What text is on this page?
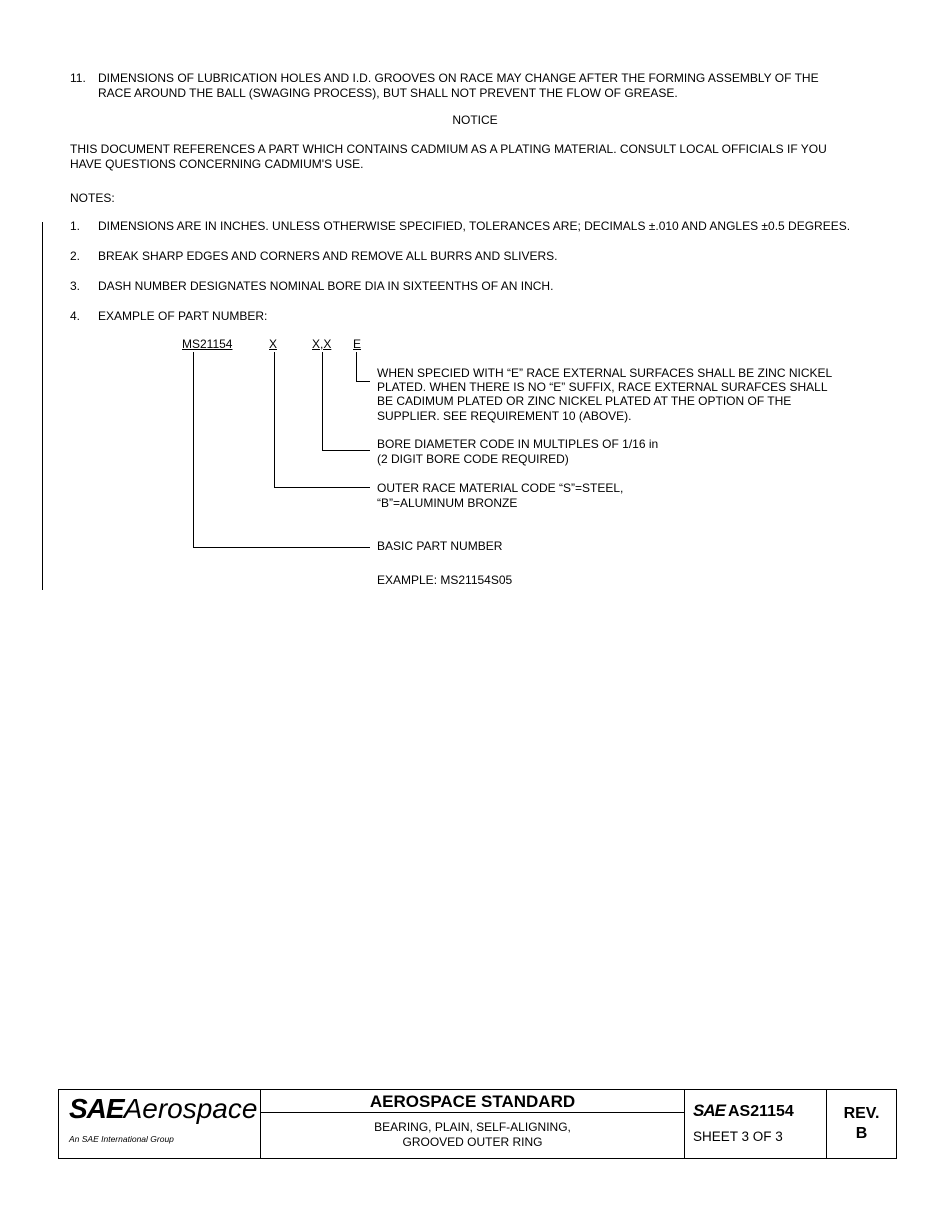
11. DIMENSIONS OF LUBRICATION HOLES AND I.D. GROOVES ON RACE MAY CHANGE AFTER THE FORMING ASSEMBLY OF THE
RACE AROUND THE BALL (SWAGING PROCESS), BUT SHALL NOT PREVENT THE FLOW OF GREASE.
NOTICE
THIS DOCUMENT REFERENCES A PART WHICH CONTAINS CADMIUM AS A PLATING MATERIAL. CONSULT LOCAL OFFICIALS IF YOU
HAVE QUESTIONS CONCERNING CADMIUM'S USE.
NOTES:
1. DIMENSIONS ARE IN INCHES. UNLESS OTHERWISE SPECIFIED, TOLERANCES ARE; DECIMALS ±.010 AND ANGLES ±0.5 DEGREES.
2. BREAK SHARP EDGES AND CORNERS AND REMOVE ALL BURRS AND SLIVERS.
3. DASH NUMBER DESIGNATES NOMINAL BORE DIA IN SIXTEENTHS OF AN INCH.
4. EXAMPLE OF PART NUMBER:
MS21154	X	X,X E
WHEN SPECIED WITH “E” RACE EXTERNAL SURFACES SHALL BE ZINC NICKEL
PLATED. WHEN THERE IS NO “E” SUFFIX, RACE EXTERNAL SURAFCES SHALL
BE CADIMUM PLATED OR ZINC NICKEL PLATED AT THE OPTION OF THE
SUPPLIER. SEE REQUIREMENT 10 (ABOVE).
BORE DIAMETER CODE IN MULTIPLES OF 1/16 in
(2 DIGIT BORE CODE REQUIRED)
OUTER RACE MATERIAL CODE “S”=STEEL,
“B”=ALUMINUM BRONZE
BASIC PART NUMBER
EXAMPLE: MS21154S05
SAEAerospace
An SAE International Group
AEROSPACE STANDARD
BEARING, PLAIN, SELF-ALIGNING,
GROOVED OUTER RING
SAE AS21154
SHEET 3 OF 3
REV.
B
